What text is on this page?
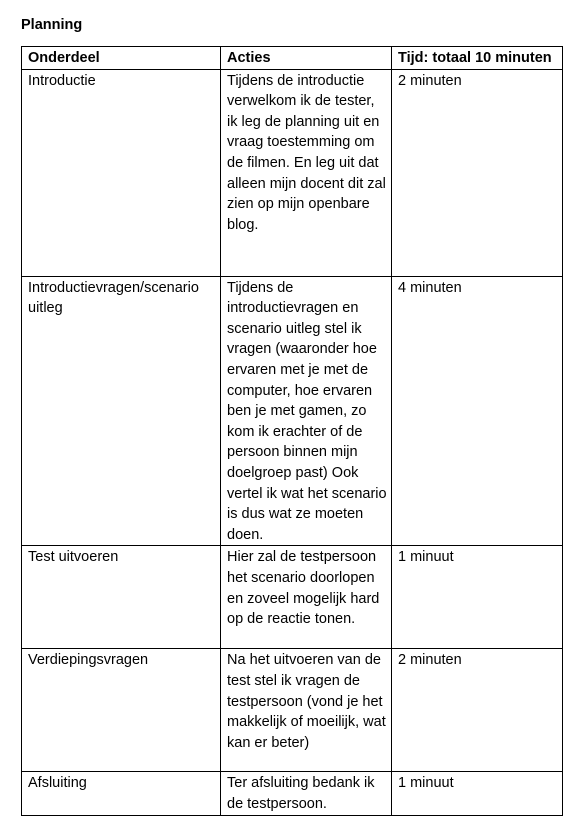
Planning
Onderdeel	Acties	Tijd: totaal 10 minuten
Introductie	Tijdens de introductie verwelkom ik de tester, ik leg de planning uit en vraag toestemming om de filmen. En leg uit dat alleen mijn docent dit zal zien op mijn openbare blog.	2 minuten
Introductievragen/scenario uitleg	Tijdens de introductievragen en scenario uitleg stel ik vragen (waaronder hoe ervaren met je met de computer, hoe ervaren ben je met gamen, zo kom ik erachter of de persoon binnen mijn doelgroep past) Ook vertel ik wat het scenario is dus wat ze moeten doen.	4 minuten
Test uitvoeren	Hier zal de testpersoon het scenario doorlopen en zoveel mogelijk hard op de reactie tonen.	1 minuut
Verdiepingsvragen	Na het uitvoeren van de test stel ik vragen de testpersoon (vond je het makkelijk of moeilijk, wat kan er beter)	2 minuten
Afsluiting	Ter afsluiting bedank ik de testpersoon.	1 minuut
